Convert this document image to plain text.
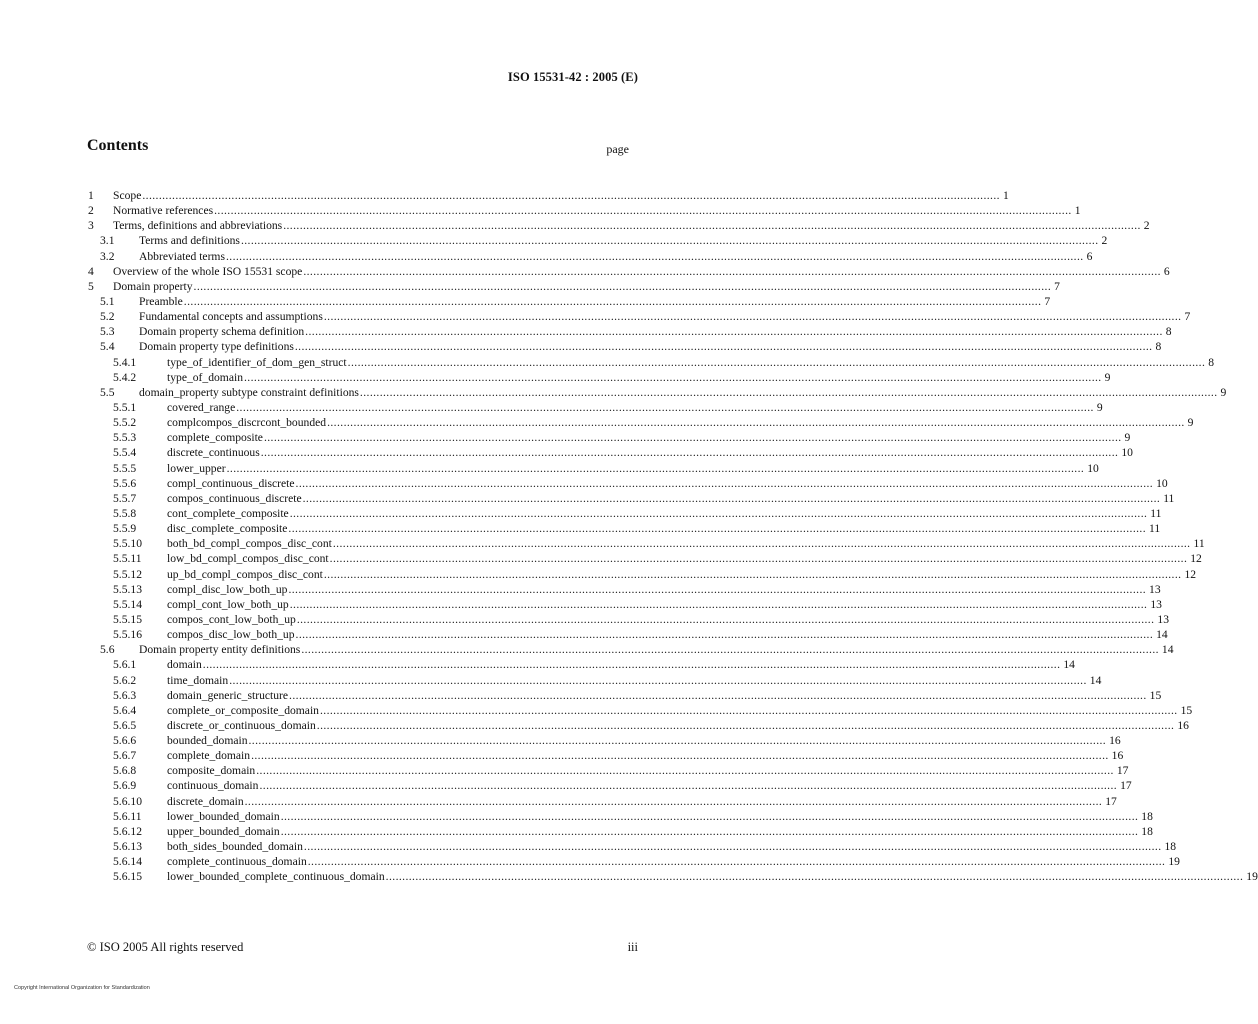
ISO 15531-42 : 2005 (E)
Contents	page
1	Scope .................................................................................................................................................................................................................................................................... 1
2	Normative references .................................................................................................................................................................................................................................................................... 1
3	Terms, definitions and abbreviations .................................................................................................................................................................................................................................................................... 2
3.1	Terms and definitions .................................................................................................................................................................................................................................................................... 2
3.2	Abbreviated terms .................................................................................................................................................................................................................................................................... 6
4	Overview of the whole ISO 15531 scope .................................................................................................................................................................................................................................................................... 6
5	Domain property .................................................................................................................................................................................................................................................................... 7
5.1	Preamble .................................................................................................................................................................................................................................................................... 7
5.2	Fundamental concepts and assumptions .................................................................................................................................................................................................................................................................... 7
5.3	Domain property schema definition .................................................................................................................................................................................................................................................................... 8
5.4	Domain property type definitions .................................................................................................................................................................................................................................................................... 8
5.4.1	type_of_identifier_of_dom_gen_struct .................................................................................................................................................................................................................................................................... 8
5.4.2	type_of_domain .................................................................................................................................................................................................................................................................... 9
5.5	domain_property subtype constraint definitions .................................................................................................................................................................................................................................................................... 9
5.5.1	covered_range .................................................................................................................................................................................................................................................................... 9
5.5.2	complcompos_discrcont_bounded .................................................................................................................................................................................................................................................................... 9
5.5.3	complete_composite .................................................................................................................................................................................................................................................................... 9
5.5.4	discrete_continuous .................................................................................................................................................................................................................................................................... 10
5.5.5	lower_upper .................................................................................................................................................................................................................................................................... 10
5.5.6	compl_continuous_discrete .................................................................................................................................................................................................................................................................... 10
5.5.7	compos_continuous_discrete .................................................................................................................................................................................................................................................................... 11
5.5.8	cont_complete_composite .................................................................................................................................................................................................................................................................... 11
5.5.9	disc_complete_composite .................................................................................................................................................................................................................................................................... 11
5.5.10	both_bd_compl_compos_disc_cont .................................................................................................................................................................................................................................................................... 11
5.5.11	low_bd_compl_compos_disc_cont .................................................................................................................................................................................................................................................................... 12
5.5.12	up_bd_compl_compos_disc_cont .................................................................................................................................................................................................................................................................... 12
5.5.13	compl_disc_low_both_up .................................................................................................................................................................................................................................................................... 13
5.5.14	compl_cont_low_both_up .................................................................................................................................................................................................................................................................... 13
5.5.15	compos_cont_low_both_up .................................................................................................................................................................................................................................................................... 13
5.5.16	compos_disc_low_both_up .................................................................................................................................................................................................................................................................... 14
5.6	Domain property entity definitions .................................................................................................................................................................................................................................................................... 14
5.6.1	domain .................................................................................................................................................................................................................................................................... 14
5.6.2	time_domain .................................................................................................................................................................................................................................................................... 14
5.6.3	domain_generic_structure .................................................................................................................................................................................................................................................................... 15
5.6.4	complete_or_composite_domain .................................................................................................................................................................................................................................................................... 15
5.6.5	discrete_or_continuous_domain .................................................................................................................................................................................................................................................................... 16
5.6.6	bounded_domain .................................................................................................................................................................................................................................................................... 16
5.6.7	complete_domain .................................................................................................................................................................................................................................................................... 16
5.6.8	composite_domain .................................................................................................................................................................................................................................................................... 17
5.6.9	continuous_domain .................................................................................................................................................................................................................................................................... 17
5.6.10	discrete_domain .................................................................................................................................................................................................................................................................... 17
5.6.11	lower_bounded_domain .................................................................................................................................................................................................................................................................... 18
5.6.12	upper_bounded_domain .................................................................................................................................................................................................................................................................... 18
5.6.13	both_sides_bounded_domain .................................................................................................................................................................................................................................................................... 18
5.6.14	complete_continuous_domain .................................................................................................................................................................................................................................................................... 19
5.6.15	lower_bounded_complete_continuous_domain .................................................................................................................................................................................................................................................................... 19
© ISO 2005 All rights reserved	iii
Copyright International Organization for Standardization
